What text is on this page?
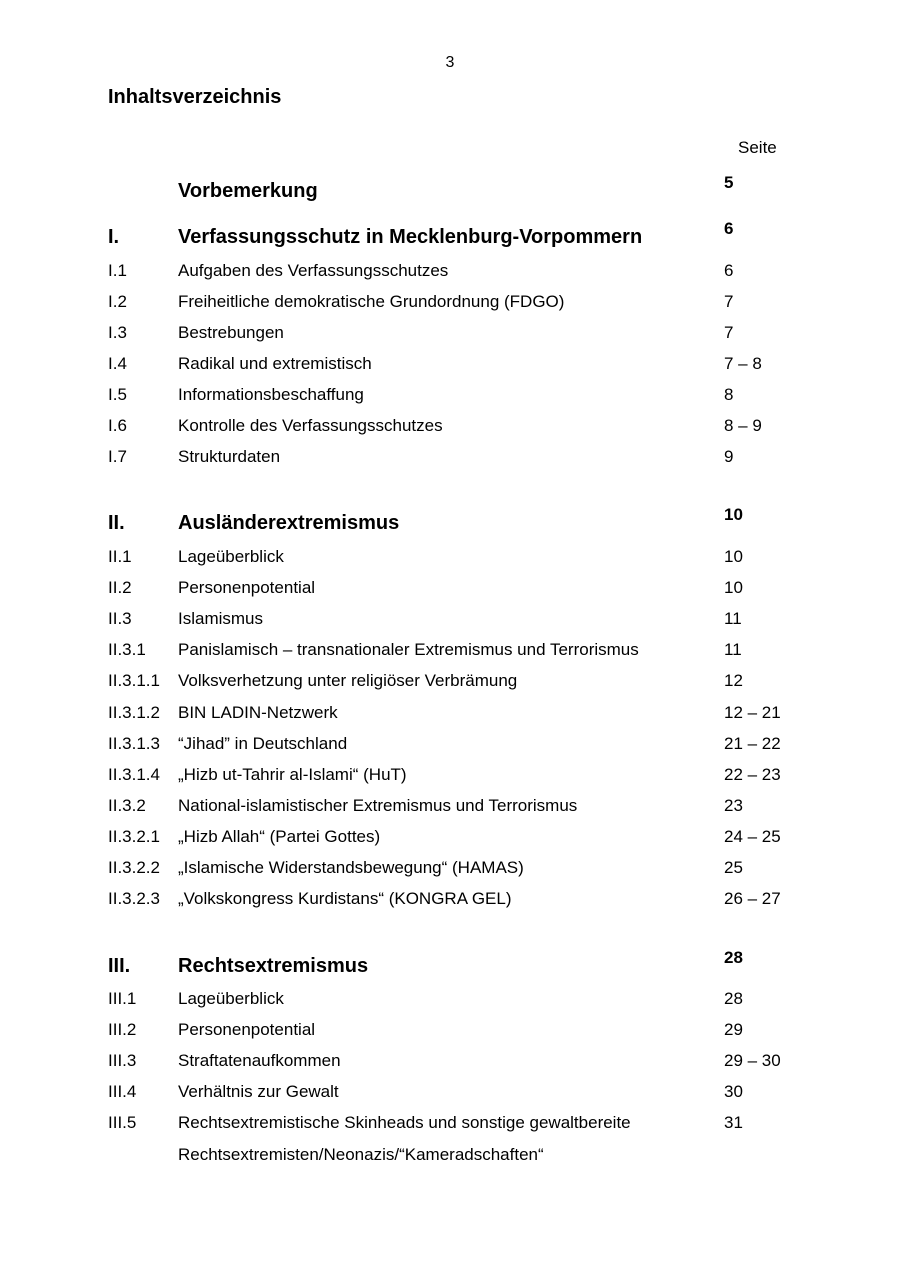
3
Inhaltsverzeichnis
Seite
Vorbemerkung	5
I.	Verfassungsschutz in Mecklenburg-Vorpommern	6
I.1	Aufgaben des Verfassungsschutzes	6
I.2	Freiheitliche demokratische Grundordnung (FDGO)	7
I.3	Bestrebungen	7
I.4	Radikal und extremistisch	7 – 8
I.5	Informationsbeschaffung	8
I.6	Kontrolle des Verfassungsschutzes	8 – 9
I.7	Strukturdaten	9
II.	Ausländerextremismus	10
II.1	Lageüberblick	10
II.2	Personenpotential	10
II.3	Islamismus	11
II.3.1 Panislamisch – transnationaler Extremismus und Terrorismus	11
II.3.1.1 Volksverhetzung unter religiöser Verbrämung	12
II.3.1.2 BIN LADIN-Netzwerk	12 – 21
II.3.1.3 “Jihad” in Deutschland	21 – 22
II.3.1.4 „Hizb ut-Tahrir al-Islami“ (HuT)	22 – 23
II.3.2 National-islamistischer Extremismus und Terrorismus	23
II.3.2.1 „Hizb Allah“ (Partei Gottes)	24 – 25
II.3.2.2 „Islamische Widerstandsbewegung“ (HAMAS)	25
II.3.2.3 „Volkskongress Kurdistans“ (KONGRA GEL)	26 – 27
III. Rechtsextremismus	28
III.1 Lageüberblick	28
III.2 Personenpotential	29
III.3 Straftatenaufkommen	29 – 30
III.4 Verhältnis zur Gewalt	30
III.5 Rechtsextremistische Skinheads und sonstige gewaltbereite	31
Rechtsextremisten/Neonazis/“Kameradschaften“
